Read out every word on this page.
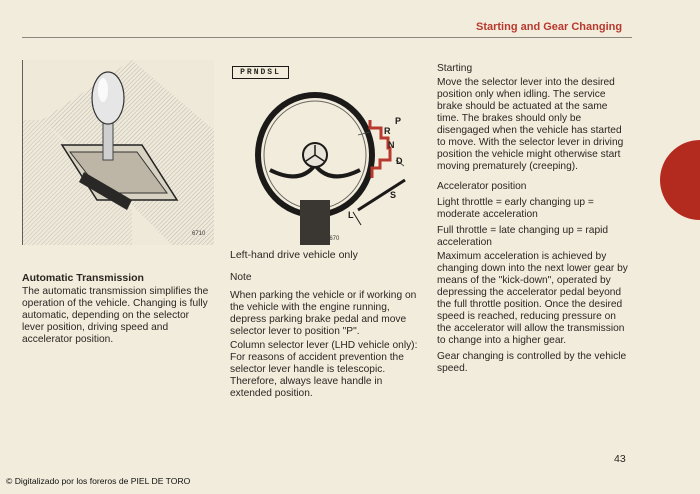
Starting and Gear Changing
6710
P
R
N
D
S
L
8670
PRNDSL
Left-hand drive vehicle only

Automatic Transmission

The automatic transmission simplifies the operation of the vehicle. Changing is fully automatic, depending on the selector lever position, driving speed and accelerator position.

Note

When parking the vehicle or if working on the vehicle with the engine running, depress parking brake pedal and move selector lever to position "P".

Column selector lever (LHD vehicle only):

For reasons of accident prevention the selector lever handle is telescopic. Therefore, always leave handle in extended position.

Starting

Move the selector lever into the desired position only when idling. The service brake should be actuated at the same time. The brakes should only be disengaged when the vehicle has started to move. With the selector lever in driving position the vehicle might otherwise start moving prematurely (creeping).

Accelerator position

Light throttle = early changing up = moderate acceleration

Full throttle = late changing up = rapid acceleration

Maximum acceleration is achieved by changing down into the next lower gear by means of the "kick-down", operated by depressing the accelerator pedal beyond the full throttle position. Once the desired speed is reached, reducing pressure on the accelerator will allow the transmission to change into a higher gear.

Gear changing is controlled by the vehicle speed.

43
© Digitalizado por los foreros de PIEL DE TORO
